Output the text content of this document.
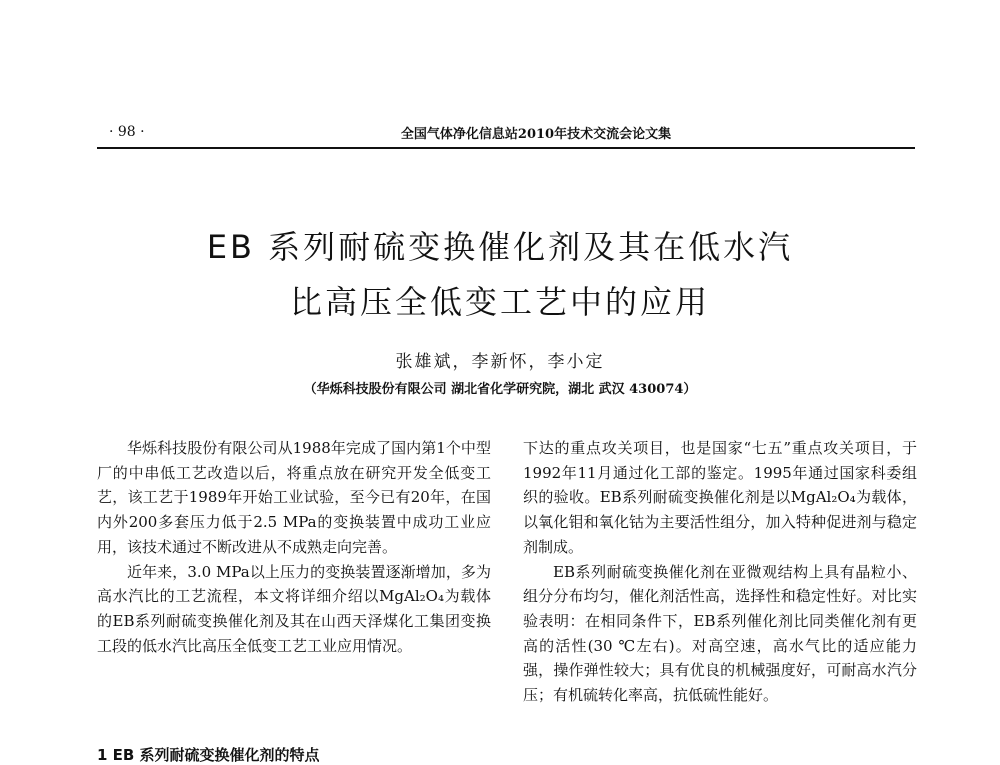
· 98 ·	全国气体净化信息站2010年技术交流会论文集
EB 系列耐硫变换催化剂及其在低水汽
比高压全低变工艺中的应用
张雄斌，李新怀，李小定
（华烁科技股份有限公司 湖北省化学研究院，湖北 武汉 430074）

华烁科技股份有限公司从1988年完成了国内第1个中型厂的中串低工艺改造以后，将重点放在研究开发全低变工艺，该工艺于1989年开始工业试验，至今已有20年，在国内外200多套压力低于2.5 MPa的变换装置中成功工业应用，该技术通过不断改进从不成熟走向完善。

近年来，3.0 MPa以上压力的变换装置逐渐增加，多为高水汽比的工艺流程，本文将详细介绍以MgAl₂O₄为载体的EB系列耐硫变换催化剂及其在山西天泽煤化工集团变换工段的低水汽比高压全低变工艺工业应用情况。

下达的重点攻关项目，也是国家“七五”重点攻关项目，于1992年11月通过化工部的鉴定。1995年通过国家科委组织的验收。EB系列耐硫变换催化剂是以MgAl₂O₄为载体，以氧化钼和氧化钴为主要活性组分，加入特种促进剂与稳定剂制成。

EB系列耐硫变换催化剂在亚微观结构上具有晶粒小、组分分布均匀，催化剂活性高，选择性和稳定性好。对比实验表明：在相同条件下，EB系列催化剂比同类催化剂有更高的活性(30 ℃左右)。对高空速，高水气比的适应能力强，操作弹性较大；具有优良的机械强度好，可耐高水汽分压；有机硫转化率高，抗低硫性能好。

1 EB 系列耐硫变换催化剂的特点
